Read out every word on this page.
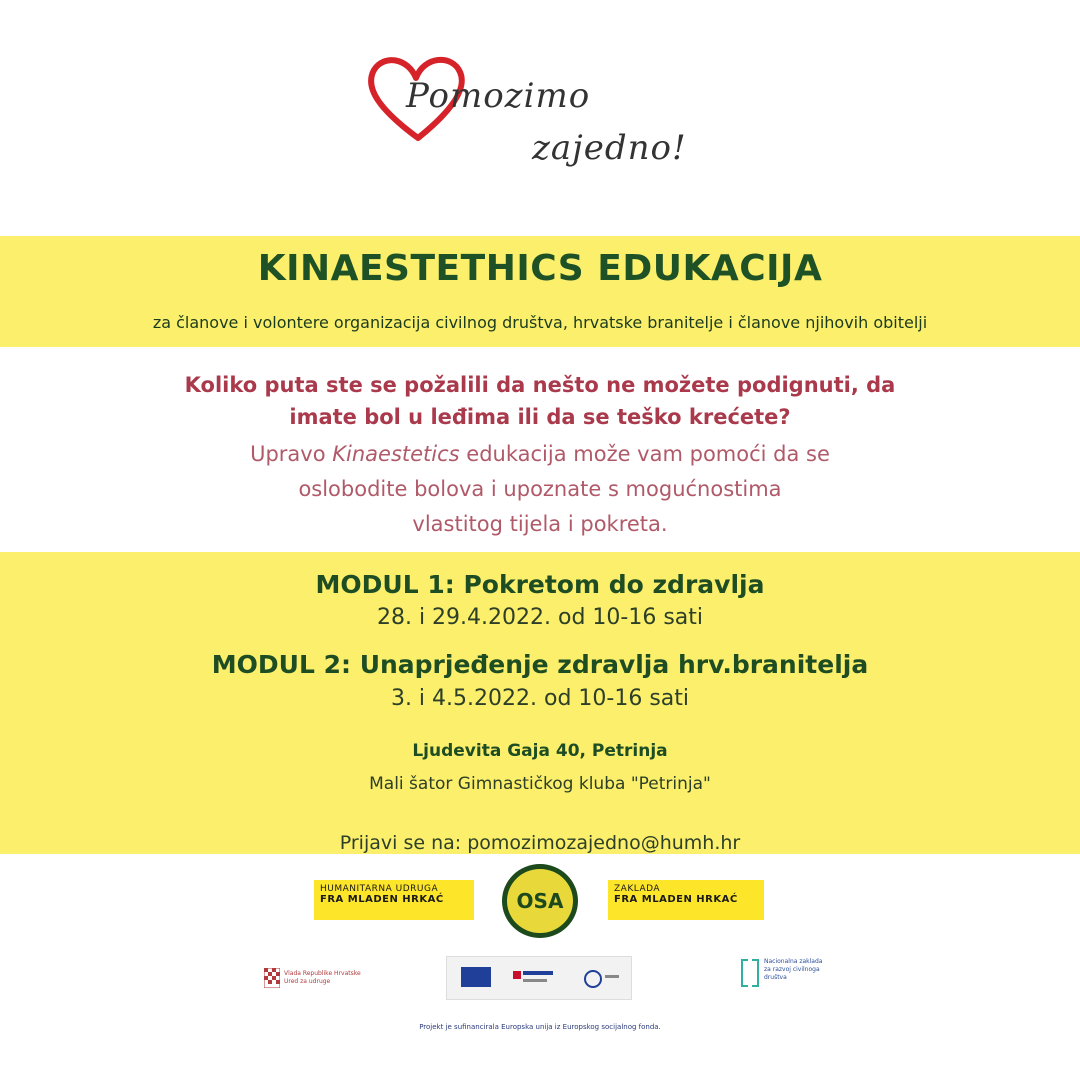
Pomozimo
zajedno!
KINAESTETHICS EDUKACIJA
za članove i volontere organizacija civilnog društva, hrvatske branitelje i članove njihovih obitelji
Koliko puta ste se požalili da nešto ne možete podignuti, da
imate bol u leđima ili da se teško krećete?
Upravo Kinaestetics edukacija može vam pomoći da se
oslobodite bolova i upoznate s mogućnostima
vlastitog tijela i pokreta.
MODUL 1: Pokretom do zdravlja
28. i 29.4.2022. od 10-16 sati
MODUL 2: Unaprjeđenje zdravlja hrv.branitelja
3. i 4.5.2022. od 10-16 sati
Ljudevita Gaja 40, Petrinja
Mali šator Gimnastičkog kluba "Petrinja"
Prijavi se na: pomozimozajedno@humh.hr
HUMANITARNA UDRUGA
FRA MLADEN HRKAĆ	OSA	ZAKLADA
FRA MLADEN HRKAĆ
Vlada Republike Hrvatske Ured za udruge
Nacionalna zaklada za razvoj civilnoga društva
Projekt je sufinancirala Europska unija iz Europskog socijalnog fonda.
